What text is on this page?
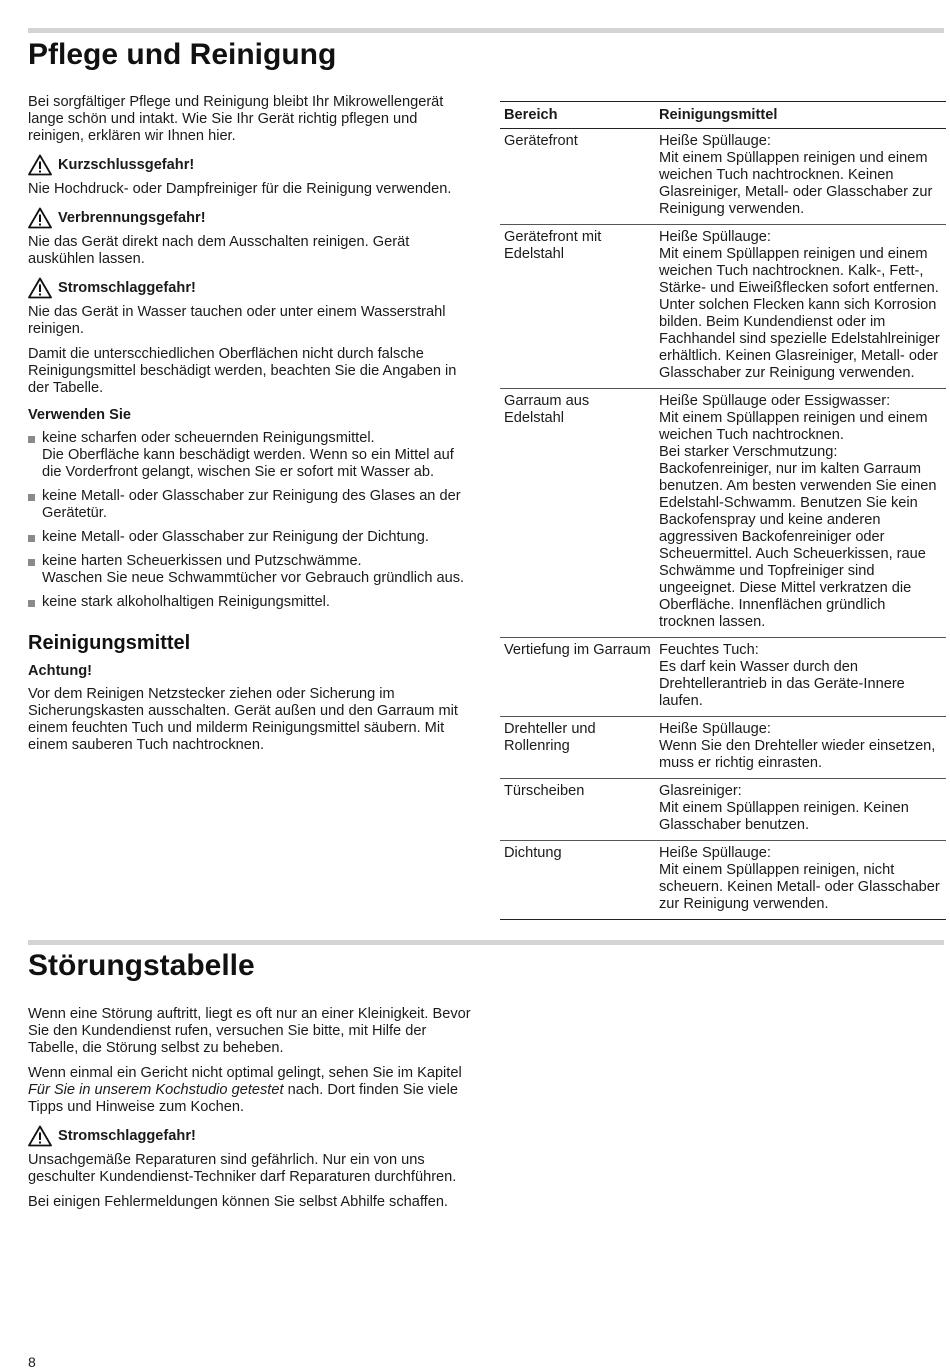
Pflege und Reinigung

Bei sorgfältiger Pflege und Reinigung bleibt Ihr Mikrowellengerät lange schön und intakt. Wie Sie Ihr Gerät richtig pflegen und reinigen, erklären wir Ihnen hier.

Kurzschlussgefahr!

Nie Hochdruck- oder Dampfreiniger für die Reinigung verwenden.

Verbrennungsgefahr!

Nie das Gerät direkt nach dem Ausschalten reinigen. Gerät auskühlen lassen.

Stromschlaggefahr!

Nie das Gerät in Wasser tauchen oder unter einem Wasserstrahl reinigen.

Damit die unterscchiedlichen Oberflächen nicht durch falsche Reinigungsmittel beschädigt werden, beachten Sie die Angaben in der Tabelle.

Verwenden Sie
keine scharfen oder scheuernden Reinigungsmittel.
Die Oberfläche kann beschädigt werden. Wenn so ein Mittel auf die Vorderfront gelangt, wischen Sie er sofort mit Wasser ab.
keine Metall- oder Glasschaber zur Reinigung des Glases an der Gerätetür.
keine Metall- oder Glasschaber zur Reinigung der Dichtung.
keine harten Scheuerkissen und Putzschwämme.
Waschen Sie neue Schwammtücher vor Gebrauch gründlich aus.
keine stark alkoholhaltigen Reinigungsmittel.
Reinigungsmittel
Achtung!

Vor dem Reinigen Netzstecker ziehen oder Sicherung im Sicherungskasten ausschalten. Gerät außen und den Garraum mit einem feuchten Tuch und milderm Reinigungsmittel säubern. Mit einem sauberen Tuch nachtrocknen.

Bereich	Reinigungsmittel
Gerätefront	Heiße Spüllauge:
Mit einem Spüllappen reinigen und einem weichen Tuch nachtrocknen. Keinen Glasreiniger, Metall- oder Glasschaber zur Reinigung verwenden.
Gerätefront mit Edelstahl	Heiße Spüllauge:
Mit einem Spüllappen reinigen und einem weichen Tuch nachtrocknen. Kalk-, Fett-, Stärke- und Eiweißflecken sofort entfernen. Unter solchen Flecken kann sich Korrosion bilden. Beim Kundendienst oder im Fachhandel sind spezielle Edelstahlreiniger erhältlich. Keinen Glasreiniger, Metall- oder Glasschaber zur Reinigung verwenden.
Garraum aus Edelstahl	Heiße Spüllauge oder Essigwasser:
Mit einem Spüllappen reinigen und einem weichen Tuch nachtrocknen.
Bei starker Verschmutzung: Backofenreiniger, nur im kalten Garraum benutzen. Am besten verwenden Sie einen Edelstahl-Schwamm. Benutzen Sie kein Backofenspray und keine anderen aggressiven Backofenreiniger oder Scheuermittel. Auch Scheuerkissen, raue Schwämme und Topfreiniger sind ungeeignet. Diese Mittel verkratzen die Oberfläche. Innenflächen gründlich trocknen lassen.
Vertiefung im Garraum	Feuchtes Tuch:
Es darf kein Wasser durch den Drehtellerantrieb in das Geräte-Innere laufen.
Drehteller und Rollenring	Heiße Spüllauge:
Wenn Sie den Drehteller wieder einsetzen, muss er richtig einrasten.
Türscheiben	Glasreiniger:
Mit einem Spüllappen reinigen. Keinen Glasschaber benutzen.
Dichtung	Heiße Spüllauge:
Mit einem Spüllappen reinigen, nicht scheuern. Keinen Metall- oder Glasschaber zur Reinigung verwenden.
Störungstabelle

Wenn eine Störung auftritt, liegt es oft nur an einer Kleinigkeit. Bevor Sie den Kundendienst rufen, versuchen Sie bitte, mit Hilfe der Tabelle, die Störung selbst zu beheben.

Wenn einmal ein Gericht nicht optimal gelingt, sehen Sie im Kapitel Für Sie in unserem Kochstudio getestet nach. Dort finden Sie viele Tipps und Hinweise zum Kochen.

Stromschlaggefahr!

Unsachgemäße Reparaturen sind gefährlich. Nur ein von uns geschulter Kundendienst-Techniker darf Reparaturen durchführen.

Bei einigen Fehlermeldungen können Sie selbst Abhilfe schaffen.

8
